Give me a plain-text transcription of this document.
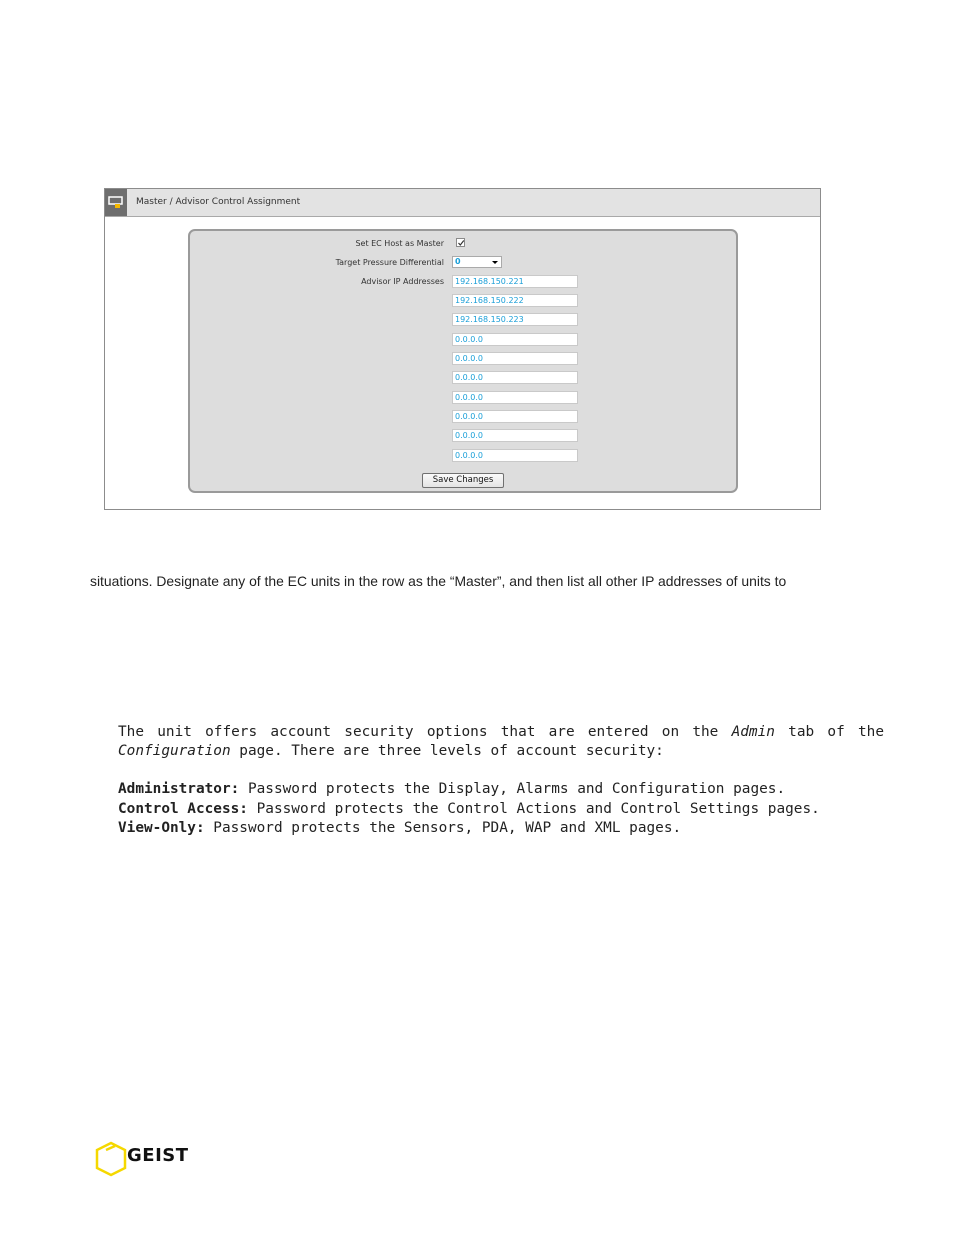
Master / Advisor Control Assignment
Set EC Host as Master
Target Pressure Differential 0
Advisor IP Addresses
192.168.150.221
192.168.150.222
192.168.150.223
0.0.0.0
0.0.0.0
0.0.0.0
0.0.0.0
0.0.0.0
0.0.0.0
0.0.0.0
Save Changes
situations. Designate any of the EC units in the row as the “Master”, and then list all other IP addresses of units to
The unit offers account security options that are entered on the Admin tab of the Configuration page. There are three levels of account security:
Administrator: Password protects the Display, Alarms and Configuration pages.
Control Access: Password protects the Control Actions and Control Settings pages.
View-Only: Password protects the Sensors, PDA, WAP and XML pages.
GEIST
